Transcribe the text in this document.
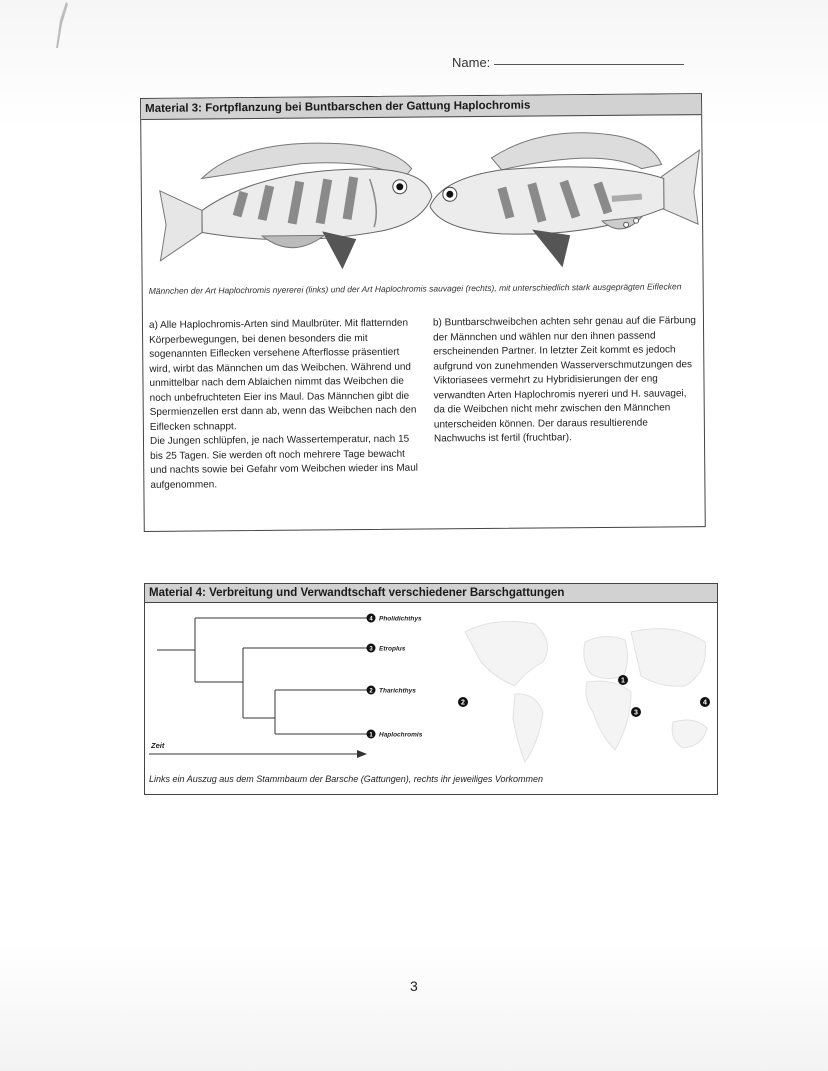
Name:
Material 3: Fortpflanzung bei Buntbarschen der Gattung Haplochromis
Männchen der Art Haplochromis nyererei (links) und der Art Haplochromis sauvagei (rechts), mit unterschiedlich stark ausgeprägten Eiflecken

a) Alle Haplochromis-Arten sind Maulbrüter. Mit flatternden Körperbewegungen, bei denen besonders die mit sogenannten Eiflecken versehene Afterflosse präsentiert wird, wirbt das Männchen um das Weibchen. Während und unmittelbar nach dem Ablaichen nimmt das Weibchen die noch unbefruchteten Eier ins Maul. Das Männchen gibt die Spermienzellen erst dann ab, wenn das Weibchen nach den Eiflecken schnappt.

Die Jungen schlüpfen, je nach Wassertemperatur, nach 15 bis 25 Tagen. Sie werden oft noch mehrere Tage bewacht und nachts sowie bei Gefahr vom Weibchen wieder ins Maul aufgenommen.

b) Buntbarschweibchen achten sehr genau auf die Färbung der Männchen und wählen nur den ihnen passend erscheinenden Partner. In letzter Zeit kommt es jedoch aufgrund von zunehmenden Wasserverschmutzungen des Viktoriasees vermehrt zu Hybridisierungen der eng verwandten Arten Haplochromis nyereri und H. sauvagei, da die Weibchen nicht mehr zwischen den Männchen unterscheiden können. Der daraus resultierende Nachwuchs ist fertil (fruchtbar).

Material 4: Verbreitung und Verwandtschaft verschiedener Barschgattungen
Zeit
4 Pholidichthys
3 Etroplus
2 Tharichthys
1 Haplochromis
1
2
3
4
Links ein Auszug aus dem Stammbaum der Barsche (Gattungen), rechts ihr jeweiliges Vorkommen
3
